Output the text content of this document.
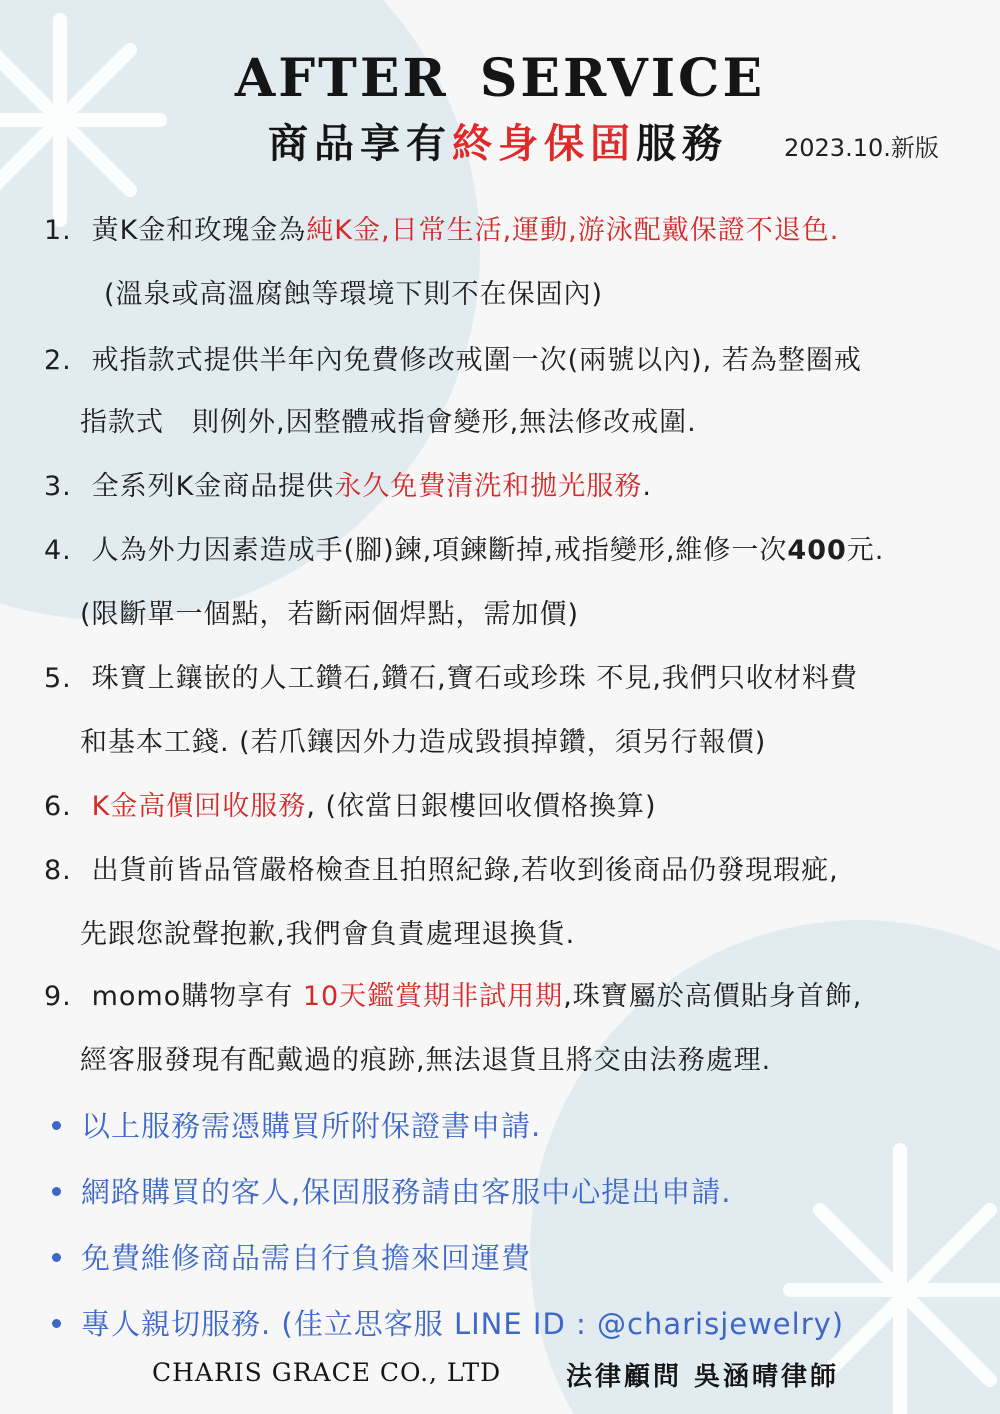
AFTER SERVICE
商品享有終身保固服務 2023.10.新版
1. 黃K金和玫瑰金為純K金,日常生活,運動,游泳配戴保證不退色.
(溫泉或高溫腐蝕等環境下則不在保固內)
2. 戒指款式提供半年內免費修改戒圍一次(兩號以內), 若為整圈戒
指款式　則例外,因整體戒指會變形,無法修改戒圍.
3. 全系列K金商品提供永久免費清洗和拋光服務.
4. 人為外力因素造成手(腳)鍊,項鍊斷掉,戒指變形,維修一次400元.
(限斷單一個點，若斷兩個焊點，需加價)
5. 珠寶上鑲嵌的人工鑽石,鑽石,寶石或珍珠 不見,我們只收材料費
和基本工錢. (若爪鑲因外力造成毀損掉鑽，須另行報價)
6. K金高價回收服務, (依當日銀樓回收價格換算)
8. 出貨前皆品管嚴格檢查且拍照紀錄,若收到後商品仍發現瑕疵,
先跟您說聲抱歉,我們會負責處理退換貨.
9. momo購物享有 10天鑑賞期非試用期,珠寶屬於高價貼身首飾,
經客服發現有配戴過的痕跡,無法退貨且將交由法務處理.
以上服務需憑購買所附保證書申請.
網路購買的客人,保固服務請由客服中心提出申請.
免費維修商品需自行負擔來回運費
專人親切服務. (佳立思客服 LINE ID : @charisjewelry)
CHARIS GRACE CO., LTD 法律顧問 吳涵晴律師
